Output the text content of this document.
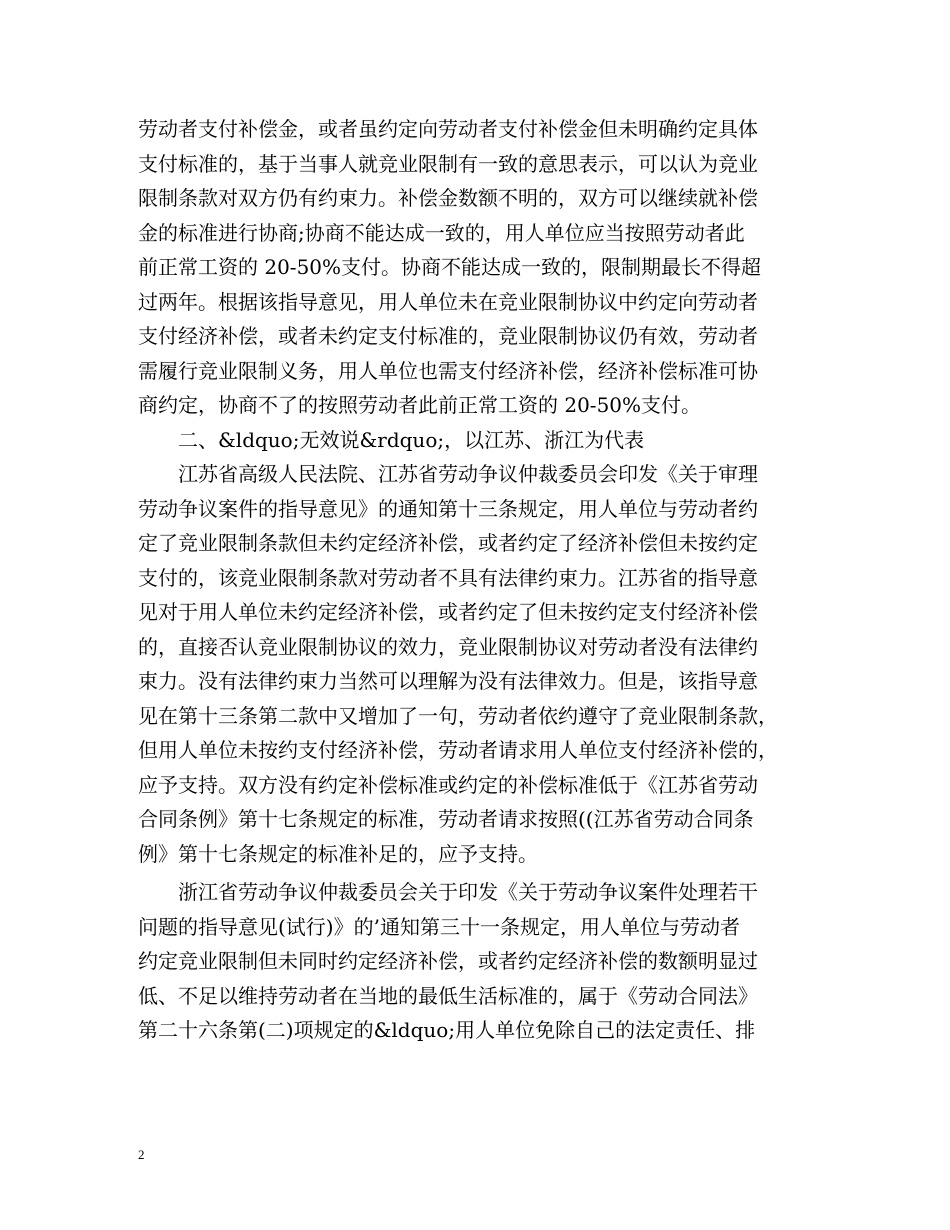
劳动者支付补偿金，或者虽约定向劳动者支付补偿金但未明确约定具体
支付标准的，基于当事人就竞业限制有一致的意思表示，可以认为竞业
限制条款对双方仍有约束力。补偿金数额不明的，双方可以继续就补偿
金的标准进行协商;协商不能达成一致的，用人单位应当按照劳动者此
前正常工资的 20-50%支付。协商不能达成一致的，限制期最长不得超
过两年。根据该指导意见，用人单位未在竞业限制协议中约定向劳动者
支付经济补偿，或者未约定支付标准的，竞业限制协议仍有效，劳动者
需履行竞业限制义务，用人单位也需支付经济补偿，经济补偿标准可协
商约定，协商不了的按照劳动者此前正常工资的 20-50%支付。
　　二、&ldquo;无效说&rdquo;，以江苏、浙江为代表
　　江苏省高级人民法院、江苏省劳动争议仲裁委员会印发《关于审理
劳动争议案件的指导意见》的通知第十三条规定，用人单位与劳动者约
定了竞业限制条款但未约定经济补偿，或者约定了经济补偿但未按约定
支付的，该竞业限制条款对劳动者不具有法律约束力。江苏省的指导意
见对于用人单位未约定经济补偿，或者约定了但未按约定支付经济补偿
的，直接否认竞业限制协议的效力，竞业限制协议对劳动者没有法律约
束力。没有法律约束力当然可以理解为没有法律效力。但是，该指导意
见在第十三条第二款中又增加了一句，劳动者依约遵守了竞业限制条款，
但用人单位未按约支付经济补偿，劳动者请求用人单位支付经济补偿的，
应予支持。双方没有约定补偿标准或约定的补偿标准低于《江苏省劳动
合同条例》第十七条规定的标准，劳动者请求按照((江苏省劳动合同条
例》第十七条规定的标准补足的，应予支持。
　　浙江省劳动争议仲裁委员会关于印发《关于劳动争议案件处理若干
问题的指导意见(试行)》的’通知第三十一条规定，用人单位与劳动者
约定竞业限制但未同时约定经济补偿，或者约定经济补偿的数额明显过
低、不足以维持劳动者在当地的最低生活标准的，属于《劳动合同法》
第二十六条第(二)项规定的&ldquo;用人单位免除自己的法定责任、排
2
